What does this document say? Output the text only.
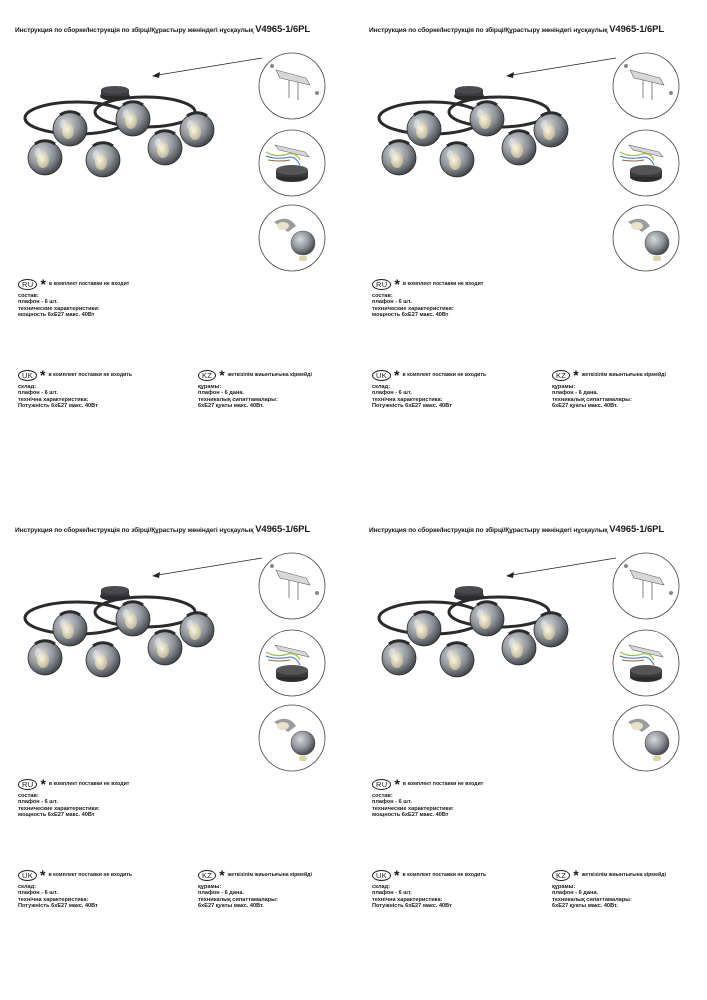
Инструкция по сборке/Інструкція по збірці/Құрастыру жөніндегі нұсқаулық V4965-1/6PL
RU * в комплект поставки не входит
состав:
плафон - 6 шт.
технические характеристики:
мощность 6хЕ27 макс. 40Вт
UK * в комплект поставки не входить
склад:
плафон - 6 шт.
технічна характеристика:
Потужність 6хЕ27 макс. 40Вт
KZ * жеткізілім жиынтығына кірмейді
құрамы:
плафон - 6 дана.
техникалық сипаттамалары:
6хЕ27 қуаты макс. 40Вт.
Инструкция по сборке/Інструкція по збірці/Құрастыру жөніндегі нұсқаулық V4965-1/6PL
RU * в комплект поставки не входит
состав:
плафон - 6 шт.
технические характеристики:
мощность 6хЕ27 макс. 40Вт
UK * в комплект поставки не входить
склад:
плафон - 6 шт.
технічна характеристика:
Потужність 6хЕ27 макс. 40Вт
KZ * жеткізілім жиынтығына кірмейді
құрамы:
плафон - 6 дана.
техникалық сипаттамалары:
6хЕ27 қуаты макс. 40Вт.
Инструкция по сборке/Інструкція по збірці/Құрастыру жөніндегі нұсқаулық V4965-1/6PL
RU * в комплект поставки не входит
состав:
плафон - 6 шт.
технические характеристики:
мощность 6хЕ27 макс. 40Вт
UK * в комплект поставки не входить
склад:
плафон - 6 шт.
технічна характеристика:
Потужність 6хЕ27 макс. 40Вт
KZ * жеткізілім жиынтығына кірмейді
құрамы:
плафон - 6 дана.
техникалық сипаттамалары:
6хЕ27 қуаты макс. 40Вт.
Инструкция по сборке/Інструкція по збірці/Құрастыру жөніндегі нұсқаулық V4965-1/6PL
RU * в комплект поставки не входит
состав:
плафон - 6 шт.
технические характеристики:
мощность 6хЕ27 макс. 40Вт
UK * в комплект поставки не входить
склад:
плафон - 6 шт.
технічна характеристика:
Потужність 6хЕ27 макс. 40Вт
KZ * жеткізілім жиынтығына кірмейді
құрамы:
плафон - 6 дана.
техникалық сипаттамалары:
6хЕ27 қуаты макс. 40Вт.
